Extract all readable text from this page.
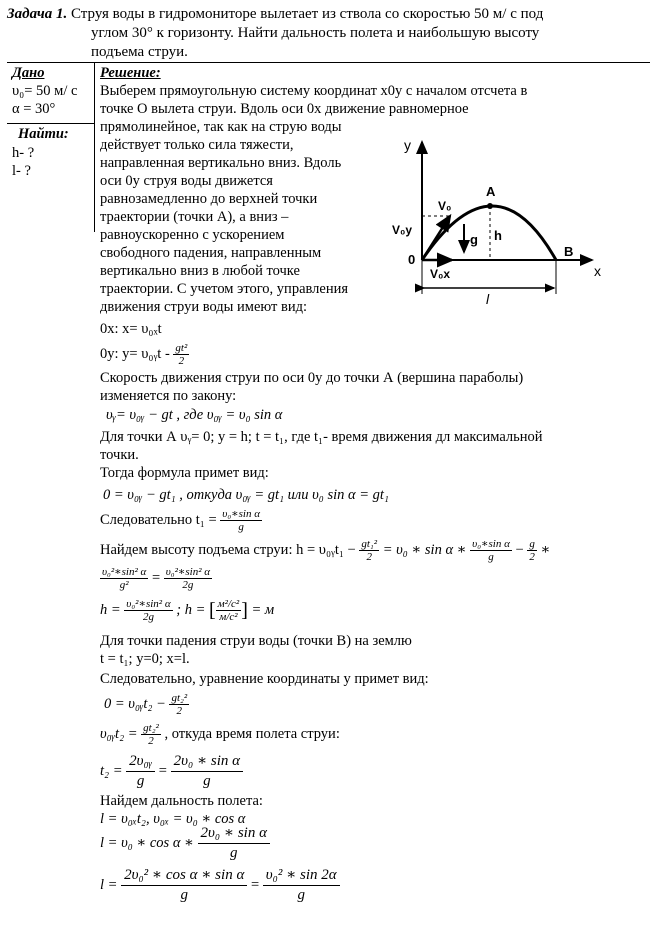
Задача 1. Струя воды в гидромониторе вылетает из ствола со скоростью 50 м/ с под
углом 30° к горизонту. Найти дальность полета и наибольшую высоту
подъема струи.
Дано
υ₀= 50 м/ с
α = 30°
Найти:
h- ?
l- ?
Решение:
Выберем прямоугольную систему координат х0у с началом отсчета в
точке О вылета струи. Вдоль оси 0х движение равномерное
прямолинейное, так как на струю воды
действует только сила тяжести,
направленная вертикально вниз. Вдоль
оси 0у струя воды движется
равнозамедленно до верхней точки
траектории (точки А), а вниз –
равноускоренно с ускорением
свободного падения, направленным
вертикально вниз в любой точке
траектории. С учетом этого, управления
движения струи воды имеют вид:
0x: x= υ₀ₓt
0y: y= υ₀ᵧt - $\frac{\text{gt²}}{2}$
Скорость движения струи по оси 0у до точки А (вершина параболы)
изменяется по закону:
υᵧ= υ₀ᵧ − gt , где υ₀ᵧ = υ₀ sin α
Для точки А υᵧ= 0; y = h; t = t₁, где t₁- время движения дл максимальной
точки.
Тогда формула примет вид:
0 = υ₀ᵧ − gt₁ , откуда υ₀ᵧ = gt₁ или υ₀ sin α = gt₁
Следовательно $t_1 = \frac{\text{υ₀∗sin α}}{g}$
Найдем высоту подъема струи: h = υ₀ᵧt₁ − $\frac{\text{gt₁²}}{2} = \upsilon_0$ ∗ sin α ∗ $\frac{\text{υ₀∗sin α}}{g} - \frac{g}{2}$ ∗
$\frac{\text{υ₀²∗sin² α}}{\text{g²}} = \frac{\text{υ₀²∗sin² α}}{2g}$
$h = \frac{\text{υ₀²∗sin² α}}{2g}$ ; h = [ $\frac{\text{м²/с²}}{\text{м/с²}}$ ] = м
Для точки падения струи воды (точки В) на землю
t = t₁; y=0; x=l.
Следовательно, уравнение координаты у примет вид:
0 = υ₀ᵧt₂ − $\frac{\text{gt₂²}}{2}$
υ₀ᵧt₂ = $\frac{\text{gt₂²}}{2}$ , откуда время полета струи:
$t_2 = \frac{\text{2υ₀ᵧ}}{g} = \frac{\text{2υ₀ ∗ sin α}}{g}$
Найдем дальность полета:
l = υ₀ₓt₂, υ₀ₓ = υ₀ ∗ cos α
l = υ₀ ∗ cos α ∗ $\frac{\text{2υ₀ ∗ sin α}}{g}$
$l = \frac{\text{2υ₀² ∗ cos α ∗ sin α}}{g} = \frac{\text{υ₀² ∗ sin 2α}}{g}$
y
x
0
A
B
V₀
V₀y
V₀x
g h
l
